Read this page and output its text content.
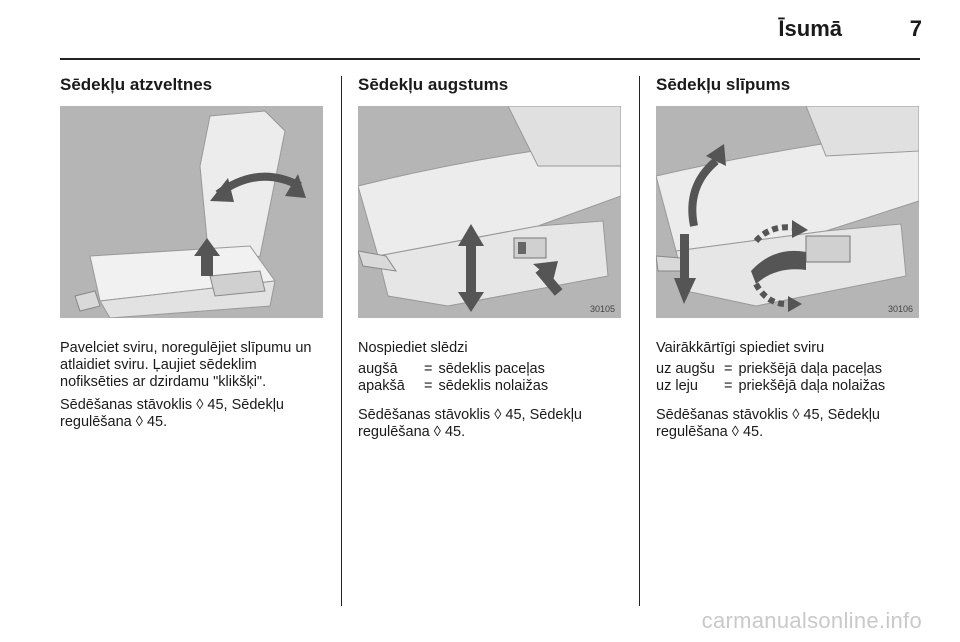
Īsumā	7
Sēdekļu atzveltnes

Pavelciet sviru, noregulējiet slīpumu un atlaidiet sviru. Ļaujiet sēdeklim nofiksēties ar dzirdamu "klikšķi".

Sēdēšanas stāvoklis ◊ 45, Sēdekļu regulēšana ◊ 45.

Sēdekļu augstums
30105

Nospiediet slēdzi

augšā	=	sēdeklis paceļas
apakšā	=	sēdeklis nolaižas

Sēdēšanas stāvoklis ◊ 45, Sēdekļu regulēšana ◊ 45.

Sēdekļu slīpums
30106

Vairākkārtīgi spiediet sviru

uz augšu	=	priekšējā daļa paceļas
uz leju	=	priekšējā daļa nolaižas

Sēdēšanas stāvoklis ◊ 45, Sēdekļu regulēšana ◊ 45.

carmanualsonline.info
